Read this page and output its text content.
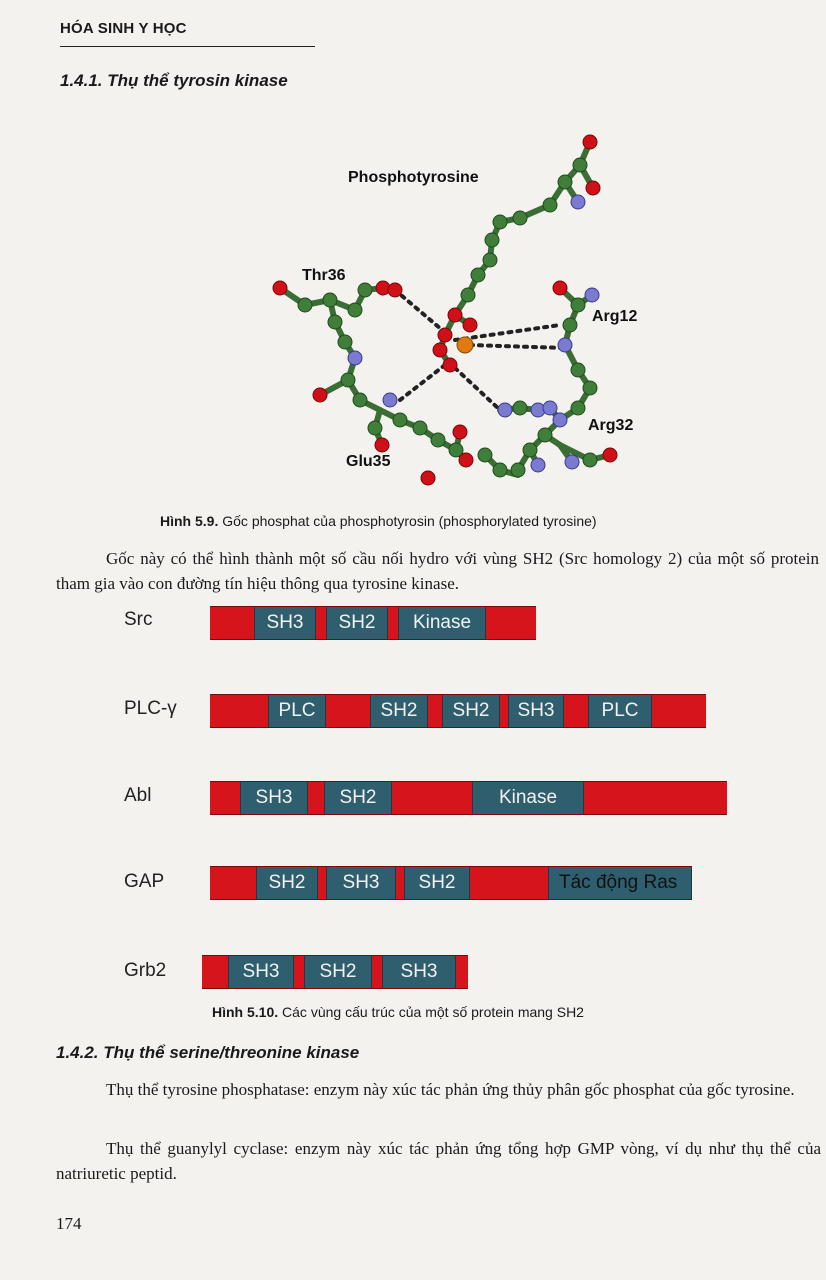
HÓA SINH Y HỌC
1.4.1. Thụ thể tyrosin kinase
Phosphotyrosine
Thr36
Arg12
Arg32
Glu35
Hình 5.9. Gốc phosphat của phosphotyrosin (phosphorylated tyrosine)
Gốc này có thể hình thành một số cầu nối hydro với vùng SH2 (Src homology 2) của một số protein tham gia vào con đường tín hiệu thông qua tyrosine kinase.
Src	SH3	SH2	Kinase
PLC-γ	PLC	SH2	SH2	SH3	PLC
Abl	SH3	SH2	Kinase
GAP	SH2	SH3	SH2	Tác động Ras
Grb2	SH3	SH2	SH3
Hình 5.10. Các vùng cấu trúc của một số protein mang SH2
1.4.2. Thụ thể serine/threonine kinase
Thụ thể tyrosine phosphatase: enzym này xúc tác phản ứng thủy phân gốc phosphat của gốc tyrosine.
Thụ thể guanylyl cyclase: enzym này xúc tác phản ứng tổng hợp GMP vòng, ví dụ như thụ thể của natriuretic peptid.
174
